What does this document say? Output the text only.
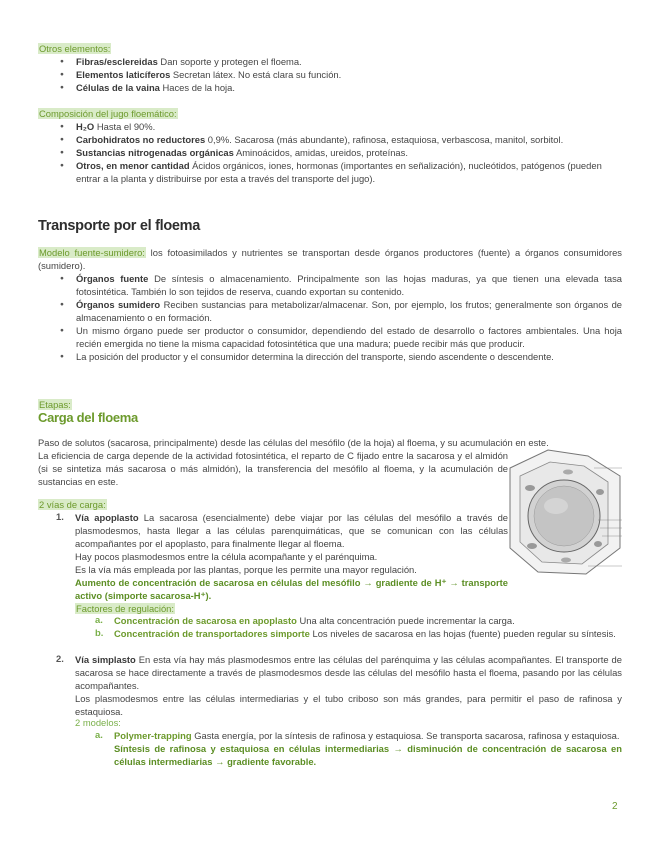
Otros elementos:

● Fibras/esclereidas Dan soporte y protegen el floema.
● Elementos laticíferos Secretan látex. No está clara su función.
● Células de la vaina Haces de la hoja.

Composición del jugo floemático:

● H₂O Hasta el 90%.
● Carbohidratos no reductores 0,9%. Sacarosa (más abundante), rafinosa, estaquiosa, verbascosa, manitol, sorbitol.
● Sustancias nitrogenadas orgánicas Aminoácidos, amidas, ureidos, proteínas.
● Otros, en menor cantidad Ácidos orgánicos, iones, hormonas (importantes en señalización), nucleótidos, patógenos (pueden entrar a la planta y distribuirse por esta a través del transporte del jugo).
Transporte por el floema

Modelo fuente-sumidero: los fotoasimilados y nutrientes se transportan desde órganos productores (fuente) a órganos consumidores (sumidero).

● Órganos fuente De síntesis o almacenamiento. Principalmente son las hojas maduras, ya que tienen una elevada tasa fotosintética. También lo son tejidos de reserva, cuando exportan su contenido.
● Órganos sumidero Reciben sustancias para metabolizar/almacenar. Son, por ejemplo, los frutos; generalmente son órganos de almacenamiento o en formación.
● Un mismo órgano puede ser productor o consumidor, dependiendo del estado de desarrollo o factores ambientales. Una hoja recién emergida no tiene la misma capacidad fotosintética que una madura; puede recibir más que producir.
● La posición del productor y el consumidor determina la dirección del transporte, siendo ascendente o descendente.

Etapas:

Carga del floema

Paso de solutos (sacarosa, principalmente) desde las células del mesófilo (de la hoja) al floema, y su acumulación en este.

La eficiencia de carga depende de la actividad fotosintética, el reparto de C fijado entre la sacarosa y el almidón (si se sintetiza más sacarosa o más almidón), la transferencia del mesófilo al floema, y la acumulación de sustancias en este.

2 vías de carga:

1. Vía apoplasto La sacarosa (esencialmente) debe viajar por las células del mesófilo a través de plasmodesmos, hasta llegar a las células parenquimáticas, que se comunican con las células acompañantes por el apoplasto, para finalmente llegar al floema.

Hay pocos plasmodesmos entre la célula acompañante y el parénquima.

Es la vía más empleada por las plantas, porque les permite una mayor regulación.

Aumento de concentración de sacarosa en células del mesófilo → gradiente de H⁺ → transporte activo (simporte sacarosa-H⁺).

Factores de regulación:

a. Concentración de sacarosa en apoplasto Una alta concentración puede incrementar la carga.

b. Concentración de transportadores simporte Los niveles de sacarosa en las hojas (fuente) pueden regular su síntesis.

2. Vía simplasto En esta vía hay más plasmodesmos entre las células del parénquima y las células acompañantes. El transporte de sacarosa se hace directamente a través de plasmodesmos desde las células del mesófilo hasta el floema, pasando por las células acompañantes.

Los plasmodesmos entre las células intermediarias y el tubo criboso son más grandes, para permitir el paso de rafinosa y estaquiosa.

2 modelos:

a. Polymer-trapping Gasta energía, por la síntesis de rafinosa y estaquiosa. Se transporta sacarosa, rafinosa y estaquiosa.

Síntesis de rafinosa y estaquiosa en células intermediarias → disminución de concentración de sacarosa en células intermediarias → gradiente favorable.

2
